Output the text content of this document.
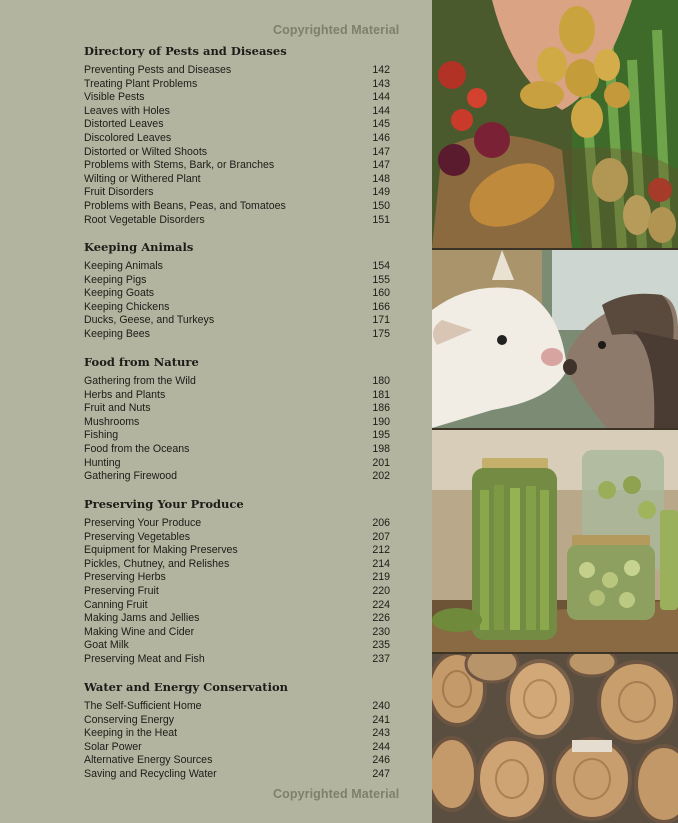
Copyrighted Material
Directory of Pests and Diseases
Preventing Pests and Diseases	142
Treating Plant Problems	143
Visible Pests	144
Leaves with Holes	144
Distorted Leaves	145
Discolored Leaves	146
Distorted or Wilted Shoots	147
Problems with Stems, Bark, or Branches	147
Wilting or Withered Plant	148
Fruit Disorders	149
Problems with Beans, Peas, and Tomatoes	150
Root Vegetable Disorders	151
Keeping Animals
Keeping Animals	154
Keeping Pigs	155
Keeping Goats	160
Keeping Chickens	166
Ducks, Geese, and Turkeys	171
Keeping Bees	175
Food from Nature
Gathering from the Wild	180
Herbs and Plants	181
Fruit and Nuts	186
Mushrooms	190
Fishing	195
Food from the Oceans	198
Hunting	201
Gathering Firewood	202
Preserving Your Produce
Preserving Your Produce	206
Preserving Vegetables	207
Equipment for Making Preserves	212
Pickles, Chutney, and Relishes	214
Preserving Herbs	219
Preserving Fruit	220
Canning Fruit	224
Making Jams and Jellies	226
Making Wine and Cider	230
Goat Milk	235
Preserving Meat and Fish	237
Water and Energy Conservation
The Self-Sufficient Home	240
Conserving Energy	241
Keeping in the Heat	243
Solar Power	244
Alternative Energy Sources	246
Saving and Recycling Water	247
Copyrighted Material
